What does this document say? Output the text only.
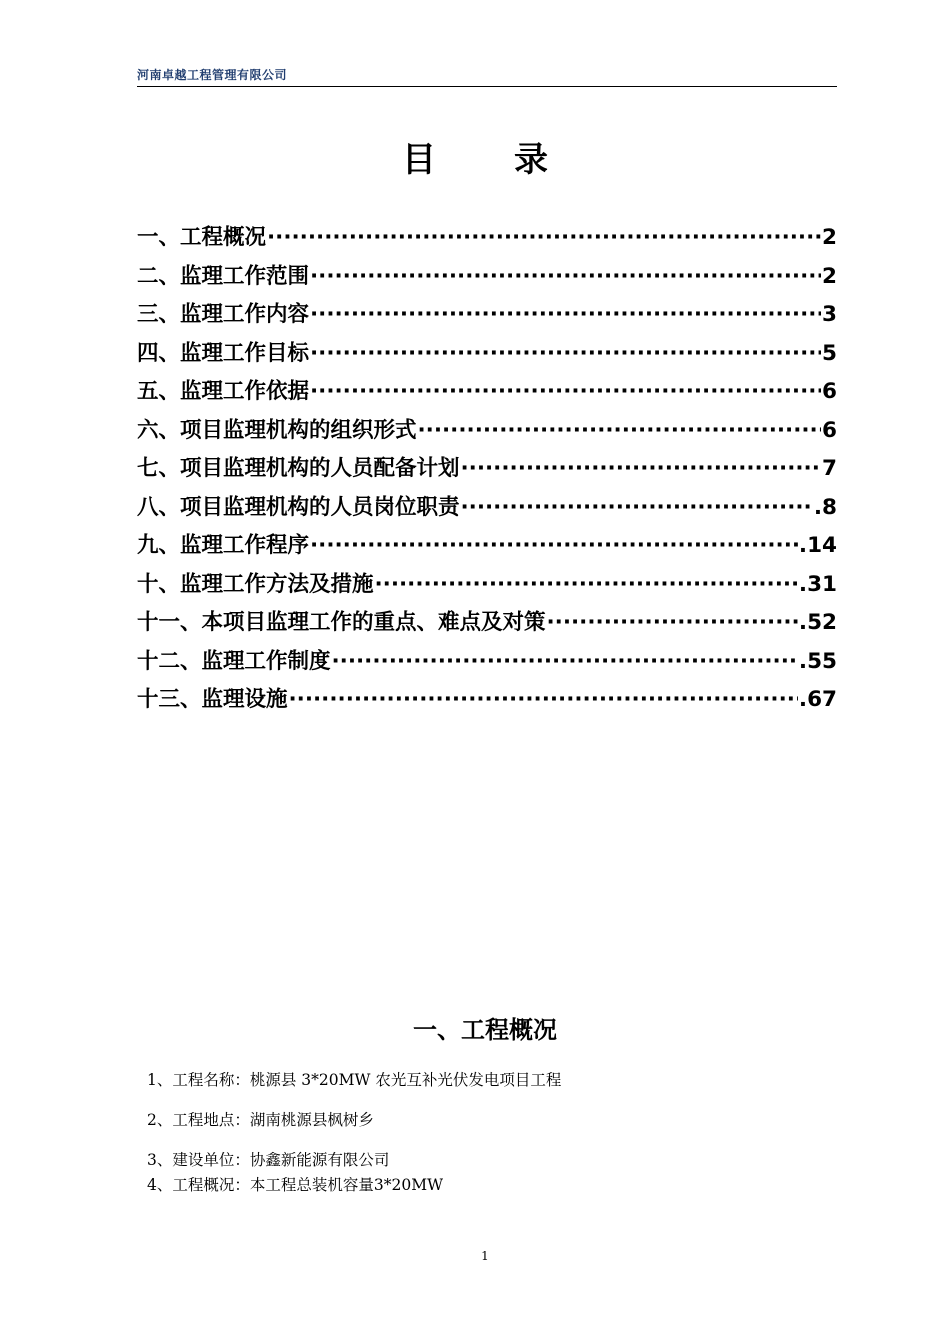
河南卓越工程管理有限公司
目 录
一、工程概况 ·····	2
二、监理工作范围 ·····	2
三、监理工作内容 ·····	3
四、监理工作目标 ·····	5
五、监理工作依据 ·····	6
六、项目监理机构的组织形式 ·····	6
七、项目监理机构的人员配备计划 ·····	7
八、项目监理机构的人员岗位职责 ·····	.8
九、监理工作程序 ·····	.14
十、监理工作方法及措施 ·····	.31
十一、本项目监理工作的重点、难点及对策 ·····	.52
十二、监理工作制度 ·····	.55
十三、监理设施 ·····	.67
一、工程概况
1、工程名称：桃源县 3*20MW 农光互补光伏发电项目工程
2、工程地点：湖南桃源县枫树乡
3、建设单位：协鑫新能源有限公司
4、工程概况：本工程总装机容量3*20MW
1
